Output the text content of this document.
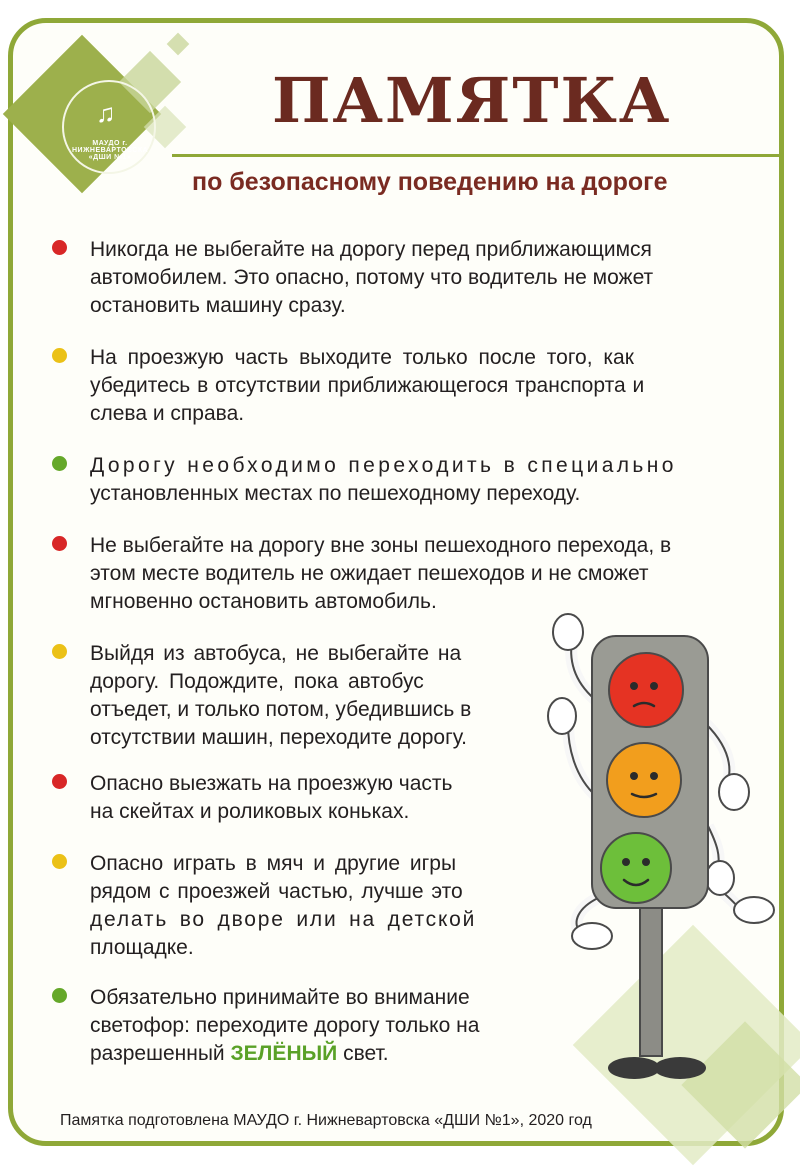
♫
МАУДО г. НИЖНЕВАРТОВСКА «ДШИ №1»
ПАМЯТКА
по безопасному поведению на дороге
Никогда не выбегайте на дорогу перед приближающимся
автомобилем. Это опасно, потому что водитель не может
остановить машину сразу.
На проезжую часть выходите только после того, как
убедитесь в отсутствии приближающегося транспорта и
слева и справа.
Дорогу необходимо переходить в специально
установленных местах по пешеходному переходу.
Не выбегайте на дорогу вне зоны пешеходного перехода, в
этом месте водитель не ожидает пешеходов и не сможет
мгновенно остановить автомобиль.
Выйдя из автобуса, не выбегайте на
дорогу. Подождите, пока автобус
отъедет, и только потом, убедившись в
отсутствии машин, переходите дорогу.
Опасно выезжать на проезжую часть
на скейтах и роликовых коньках.
Опасно играть в мяч и другие игры
рядом с проезжей частью, лучше это
делать во дворе или на детской
площадке.
Обязательно принимайте во внимание
светофор: переходите дорогу только на
разрешенный ЗЕЛЁНЫЙ свет.

Памятка подготовлена МАУДО г. Нижневартовска «ДШИ №1», 2020 год
